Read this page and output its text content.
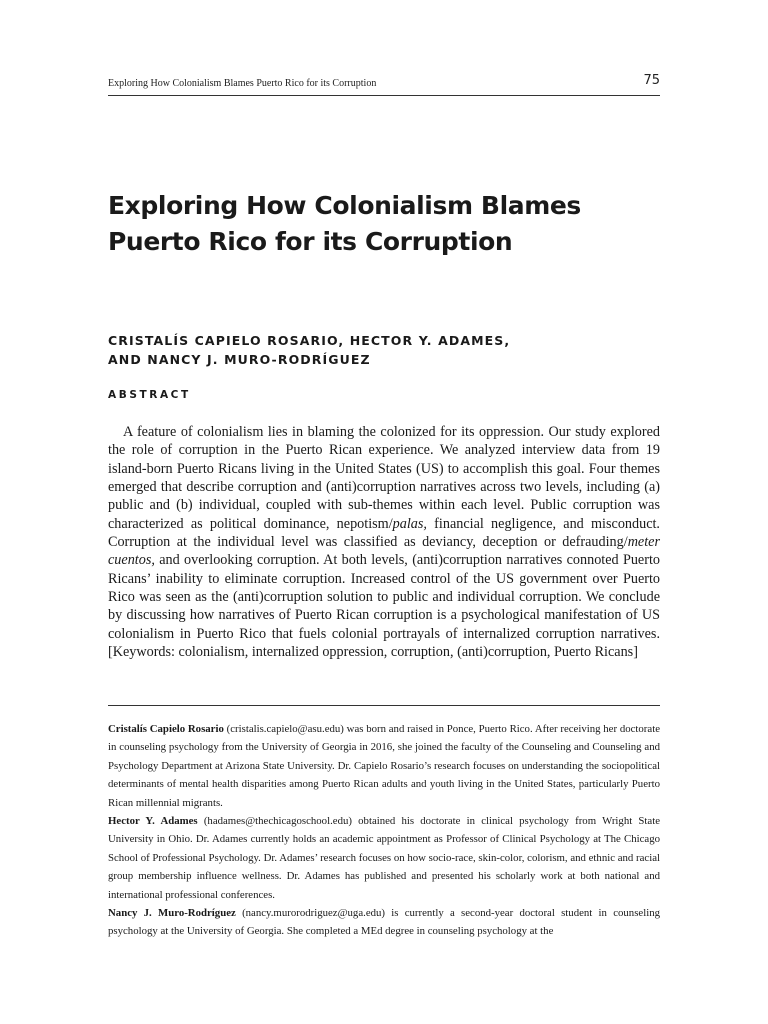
Exploring How Colonialism Blames Puerto Rico for its Corruption	75
Exploring How Colonialism Blames
Puerto Rico for its Corruption

CRISTALÍS CAPIELO ROSARIO, HECTOR Y. ADAMES,
AND NANCY J. MURO-RODRÍGUEZ

ABSTRACT

A feature of colonialism lies in blaming the colonized for its oppression. Our study explored the role of corruption in the Puerto Rican experience. We analyzed interview data from 19 island-born Puerto Ricans living in the United States (US) to accomplish this goal. Four themes emerged that describe corruption and (anti)corruption narratives across two levels, including (a) public and (b) individual, coupled with sub-themes within each level. Public corruption was characterized as political dominance, nepotism/palas, financial negligence, and misconduct. Corruption at the individual level was classified as deviancy, deception or defrauding/meter cuentos, and overlooking corruption. At both levels, (anti)corruption narratives connoted Puerto Ricans’ inability to eliminate corruption. Increased control of the US government over Puerto Rico was seen as the (anti)corruption solution to public and individual corruption. We conclude by discussing how narratives of Puerto Rican corruption is a psychological manifestation of US colonialism in Puerto Rico that fuels colonial portrayals of internalized corruption narratives. [Keywords: colonialism, internalized oppression, corruption, (anti)corruption, Puerto Ricans]

Cristalís Capielo Rosario (cristalis.capielo@asu.edu) was born and raised in Ponce, Puerto Rico. After receiving her doctorate in counseling psychology from the University of Georgia in 2016, she joined the faculty of the Counseling and Counseling and Psychology Department at Arizona State University. Dr. Capielo Rosario’s research focuses on understanding the sociopolitical determinants of mental health disparities among Puerto Rican adults and youth living in the United States, particularly Puerto Rican millennial migrants.

Hector Y. Adames (hadames@thechicagoschool.edu) obtained his doctorate in clinical psychology from Wright State University in Ohio. Dr. Adames currently holds an academic appointment as Professor of Clinical Psychology at The Chicago School of Professional Psychology. Dr. Adames’ research focuses on how socio-race, skin-color, colorism, and ethnic and racial group membership influence wellness. Dr. Adames has published and presented his scholarly work at both national and international professional conferences.

Nancy J. Muro-Rodríguez (nancy.murorodriguez@uga.edu) is currently a second-year doctoral student in counseling psychology at the University of Georgia. She completed a MEd degree in counseling psychology at the
